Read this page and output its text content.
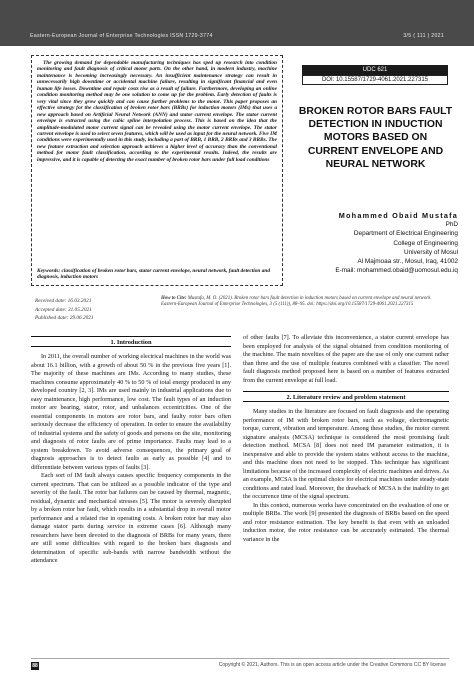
Eastern-European Journal of Enterprise Technologies ISSN 1729-3774	3/5 ( 111 ) 2021
The growing demand for dependable manufacturing techniques has sped up research into condition monitoring and fault diagnosis of critical motor parts. On the other hand, in modern industry, machine maintenance is becoming increasingly necessary. An insufficient maintenance strategy can result in unnecessarily high downtime or accidental machine failure, resulting in significant financial and even human life losses. Downtime and repair costs rise as a result of failure. Furthermore, developing an online condition monitoring method may be one solution to come up for the problem. Early detection of faults is very vital since they grow quickly and can cause further problems to the motor. This paper proposes an effective strategy for the classification of broken rotor bars (BRBs) for induction motors (IMs) that uses a new approach based on Artificial Neural Network (ANN) and stator current envelope. The stator current envelope is extracted using the cubic spline interpolation process. This is based on the idea that the amplitude-modulated motor current signal can be revealed using the motor current envelope. The stator current envelope is used to select seven features, which will be used as input for the neural network. Five IM conditions were experimentally used in this study, including a part of BRB, 1 BRB, 2 BRBs and 3 BRBs. The new feature extraction and selection approach achieves a higher level of accuracy than the conventional method for motor fault classification, according to the experimental results. Indeed, the results are impressive, and it is capable of detecting the exact number of broken rotor bars under full load conditions
Keywords: classification of broken rotor bars, stator current envelope, neural network, fault detection and diagnosis, induction motors
UDC 621
DOI: 10.15587/1729-4061.2021.227315
BROKEN ROTOR BARS FAULT DETECTION IN INDUCTION MOTORS BASED ON CURRENT ENVELOPE AND NEURAL NETWORK
Mohammed Obaid Mustafa
PhD
Department of Electrical Engineering
College of Engineering
University of Mosul
Al Majmoaa str., Mosul, Iraq, 41002
E-mail: mohammed.obaid@uomosul.edu.iq
Received date: 16.03.2021
Accepted date: 31.05.2021
Published date: 29.06.2021
How to Cite: Mustafa, M. O. (2021). Broken rotor bars fault detection in induction motors based on current envelope and neural network. Eastern-European Journal of Enterprise Technologies, 3 (5 (111)), 88–95. doi: https://doi.org/10.15587/1729-4061.2021.227315
1. Introduction

In 2011, the overall number of working electrical machines in the world was about 16.1 billion, with a growth of about 50 % in the previous five years [1]. The majority of these machines are IMs. According to many studies, these machines consume approximately 40 % to 50 % of total energy produced in any developed country [2, 3]. IMs are used mainly in industrial applications due to easy maintenance, high performance, low cost. The fault types of an induction motor are bearing, stator, rotor, and unbalances eccentricities. One of the essential components in motors are rotor bars, and faulty rotor bars often seriously decrease the efficiency of operation. In order to ensure the availability of industrial systems and the safety of goods and persons on the site, monitoring and diagnosis of rotor faults are of prime importance. Faults may lead to a system breakdown. To avoid adverse consequences, the primary goal of diagnosis approaches is to detect faults as early as possible [4] and to differentiate between various types of faults [3].

Each sort of IM fault always causes specific frequency components in the current spectrum. That can be utilized as a possible indicator of the type and severity of the fault. The rotor bar failures can be caused by thermal, magnetic, residual, dynamic and mechanical stresses [5]. The motor is severely disrupted by a broken rotor bar fault, which results in a substantial drop in overall motor performance and a related rise in operating costs. A broken rotor bar may also damage stator parts during service in extreme cases [6]. Although many researchers have been devoted to the diagnosis of BRBs for many years, there are still some difficulties with regard to the broken bars diagnosis and determination of specific sub-bands with narrow bandwidth without the attendance

of other faults [7]. To alleviate this inconvenience, a stator current envelope has been employed for analysis of the signal obtained from condition monitoring of the machine. The main novelties of the paper are the use of only one current rather than three and the use of multiple features combined with a classifier. The novel fault diagnosis method proposed here is based on a number of features extracted from the current envelope at full load.

2. Literature review and problem statement

Many studies in the literature are focused on fault diagnosis and the operating performance of IM with broken rotor bars, such as voltage, electromagnetic torque, current, vibration and temperature. Among these studies, the motor current signature analysis (MCSA) technique is considered the most promising fault detection method. MCSA [8] does not need IM parameter estimation, it is inexpensive and able to provide the system states without access to the machine, and this machine does not need to be stopped. This technique has significant limitations because of the increased complexity of electric machines and drives. As an example, MCSA is the optimal choice for electrical machines under steady-state conditions and rated load. Moreover, the drawback of MCSA is the inability to get the occurrence time of the signal spectrum.

In this context, numerous works have concentrated on the evaluation of one or multiple BRBs. The work [9] presented the diagnosis of BRBs based on the speed and rotor resistance estimation. The key benefit is that even with an unloaded induction motor, the rotor resistance can be accurately estimated. The thermal variance in the

88	Copyright © 2021, Authors. This is an open access article under the Creative Commons CC BY license
